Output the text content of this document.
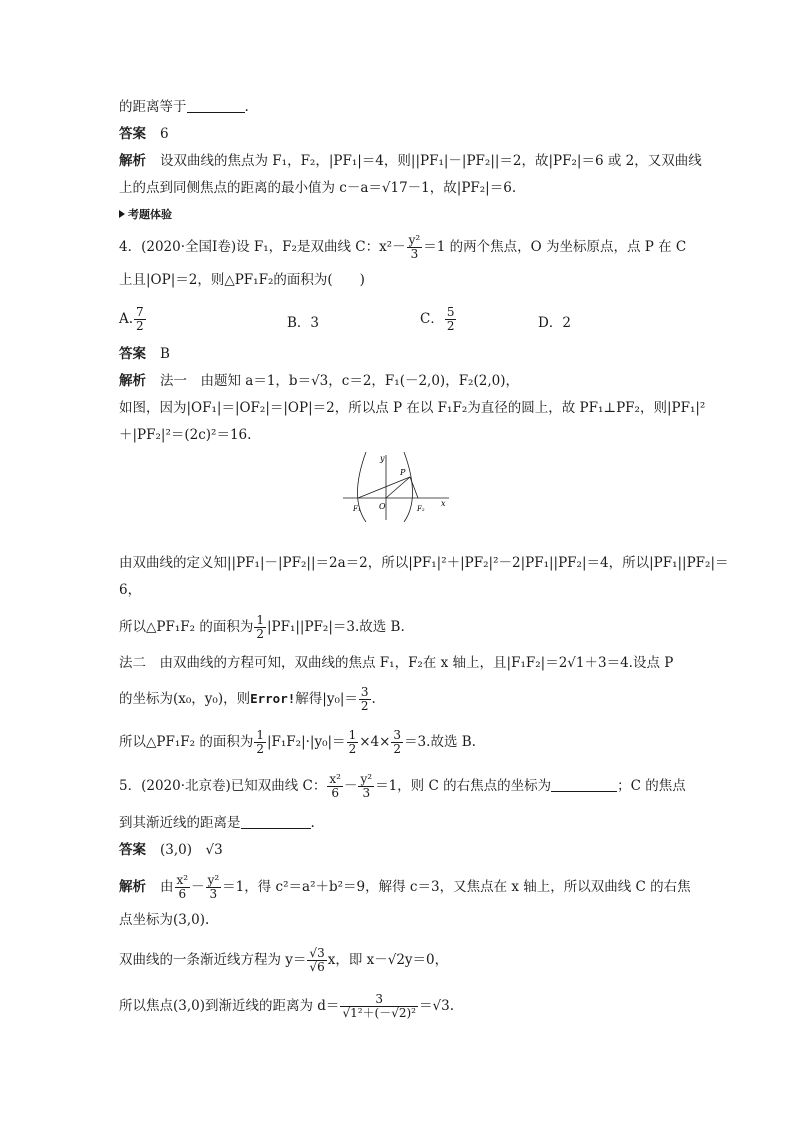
的距离等于	.
答案 6
解析 设双曲线的焦点为 F₁，F₂，|PF₁|＝4，则||PF₁|－|PF₂||＝2，故|PF₂|＝6 或 2，又双曲线
上的点到同侧焦点的距离的最小值为 c－a＝√17－1，故|PF₂|＝6.
考题体验
4．(2020·全国Ⅰ卷)设 F₁，F₂是双曲线 C：$x^2- \frac{\text{y²}}{3} =1$ 的两个焦点，O 为坐标原点，点 P 在 C
上且|OP|＝2，则△PF₁F₂的面积为(　　)
A. $\frac{7}{2}$	B．3	C． $\frac{5}{2}$	D．2
答案 B
解析 法一　由题知 a＝1，b＝√3，c＝2，F₁(－2,0)，F₂(2,0)，
如图，因为|OF₁|＝|OF₂|＝|OP|＝2，所以点 P 在以 F₁F₂为直径的圆上，故 PF₁⊥PF₂，则|PF₁|²
＋|PF₂|²＝(2c)²＝16.
y
x
P
O
F₁	F₂
由双曲线的定义知||PF₁|－|PF₂||＝2a＝2，所以|PF₁|²＋|PF₂|²－2|PF₁||PF₂|＝4，所以|PF₁||PF₂|＝
6，
所以△PF₁F₂ 的面积为 $\frac{1}{2} |PF_1||PF_2|=3$.故选 B.
法二　由双曲线的方程可知，双曲线的焦点 F₁，F₂在 x 轴上，且|F₁F₂|＝2√1＋3＝4.设点 P
的坐标为(x₀，y₀)，则Error!解得$|y_0|= \frac{3}{2}$ .
所以△PF₁F₂ 的面积为 $\frac{1}{2} |F_1F_2|\cdot|y_0|= \frac{1}{2} \times 4\times \frac{3}{2} =3$.故选 B.
5．(2020·北京卷)已知双曲线 C： $\frac{\text{x²}}{6} - \frac{\text{y²}}{3} =1$，则 C 的右焦点的坐标为	；C 的焦点
到其渐近线的距离是	.
答案 (3,0)　√3
解析 由 $\frac{\text{x²}}{6} - \frac{\text{y²}}{3} =1$，得 c²＝a²＋b²＝9，解得 c＝3，又焦点在 x 轴上，所以双曲线 C 的右焦
点坐标为(3,0).
双曲线的一条渐近线方程为 $y= \frac{√3}{√6}$ x，即 x－√2y＝0，
所以焦点(3,0)到渐近线的距离为 $d= \frac{3}{\text{√1²＋(－√2)²}} =√3$.
